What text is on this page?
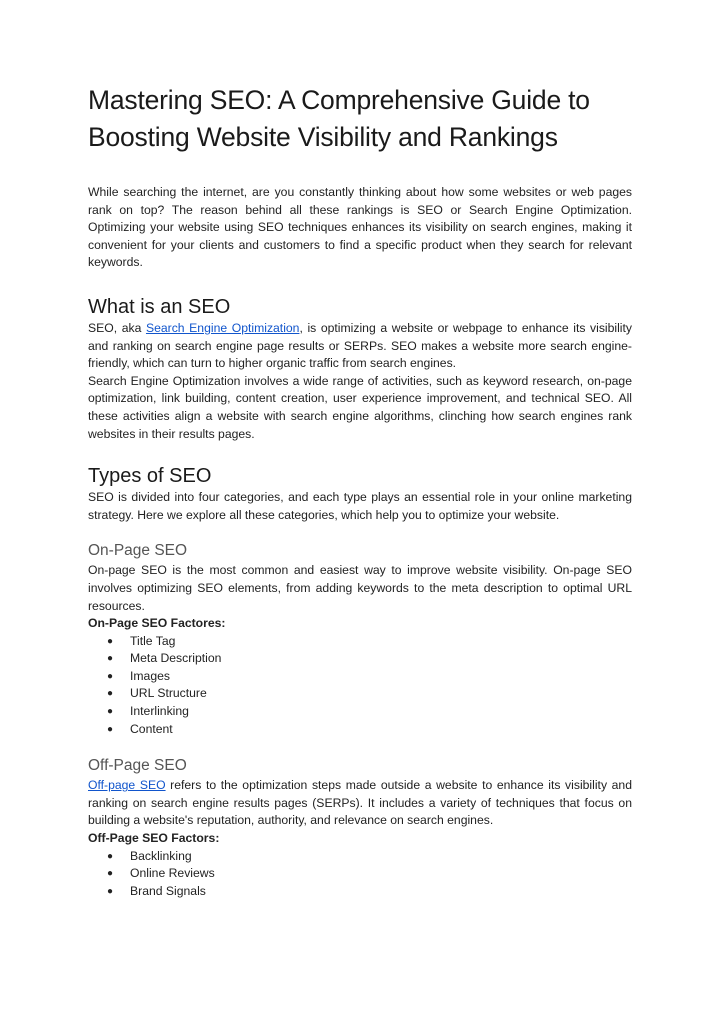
Mastering SEO: A Comprehensive Guide to Boosting Website Visibility and Rankings

While searching the internet, are you constantly thinking about how some websites or web pages rank on top? The reason behind all these rankings is SEO or Search Engine Optimization. Optimizing your website using SEO techniques enhances its visibility on search engines, making it convenient for your clients and customers to find a specific product when they search for relevant keywords.

What is an SEO

SEO, aka Search Engine Optimization, is optimizing a website or webpage to enhance its visibility and ranking on search engine page results or SERPs. SEO makes a website more search engine-friendly, which can turn to higher organic traffic from search engines.

Search Engine Optimization involves a wide range of activities, such as keyword research, on-page optimization, link building, content creation, user experience improvement, and technical SEO. All these activities align a website with search engine algorithms, clinching how search engines rank websites in their results pages.

Types of SEO

SEO is divided into four categories, and each type plays an essential role in your online marketing strategy. Here we explore all these categories, which help you to optimize your website.

On-Page SEO

On-page SEO is the most common and easiest way to improve website visibility. On-page SEO involves optimizing SEO elements, from adding keywords to the meta description to optimal URL resources.

On-Page SEO Factores:
● Title Tag
● Meta Description
● Images
● URL Structure
● Interlinking
● Content
Off-Page SEO

Off-page SEO refers to the optimization steps made outside a website to enhance its visibility and ranking on search engine results pages (SERPs). It includes a variety of techniques that focus on building a website's reputation, authority, and relevance on search engines.

Off-Page SEO Factors:
● Backlinking
● Online Reviews
● Brand Signals
